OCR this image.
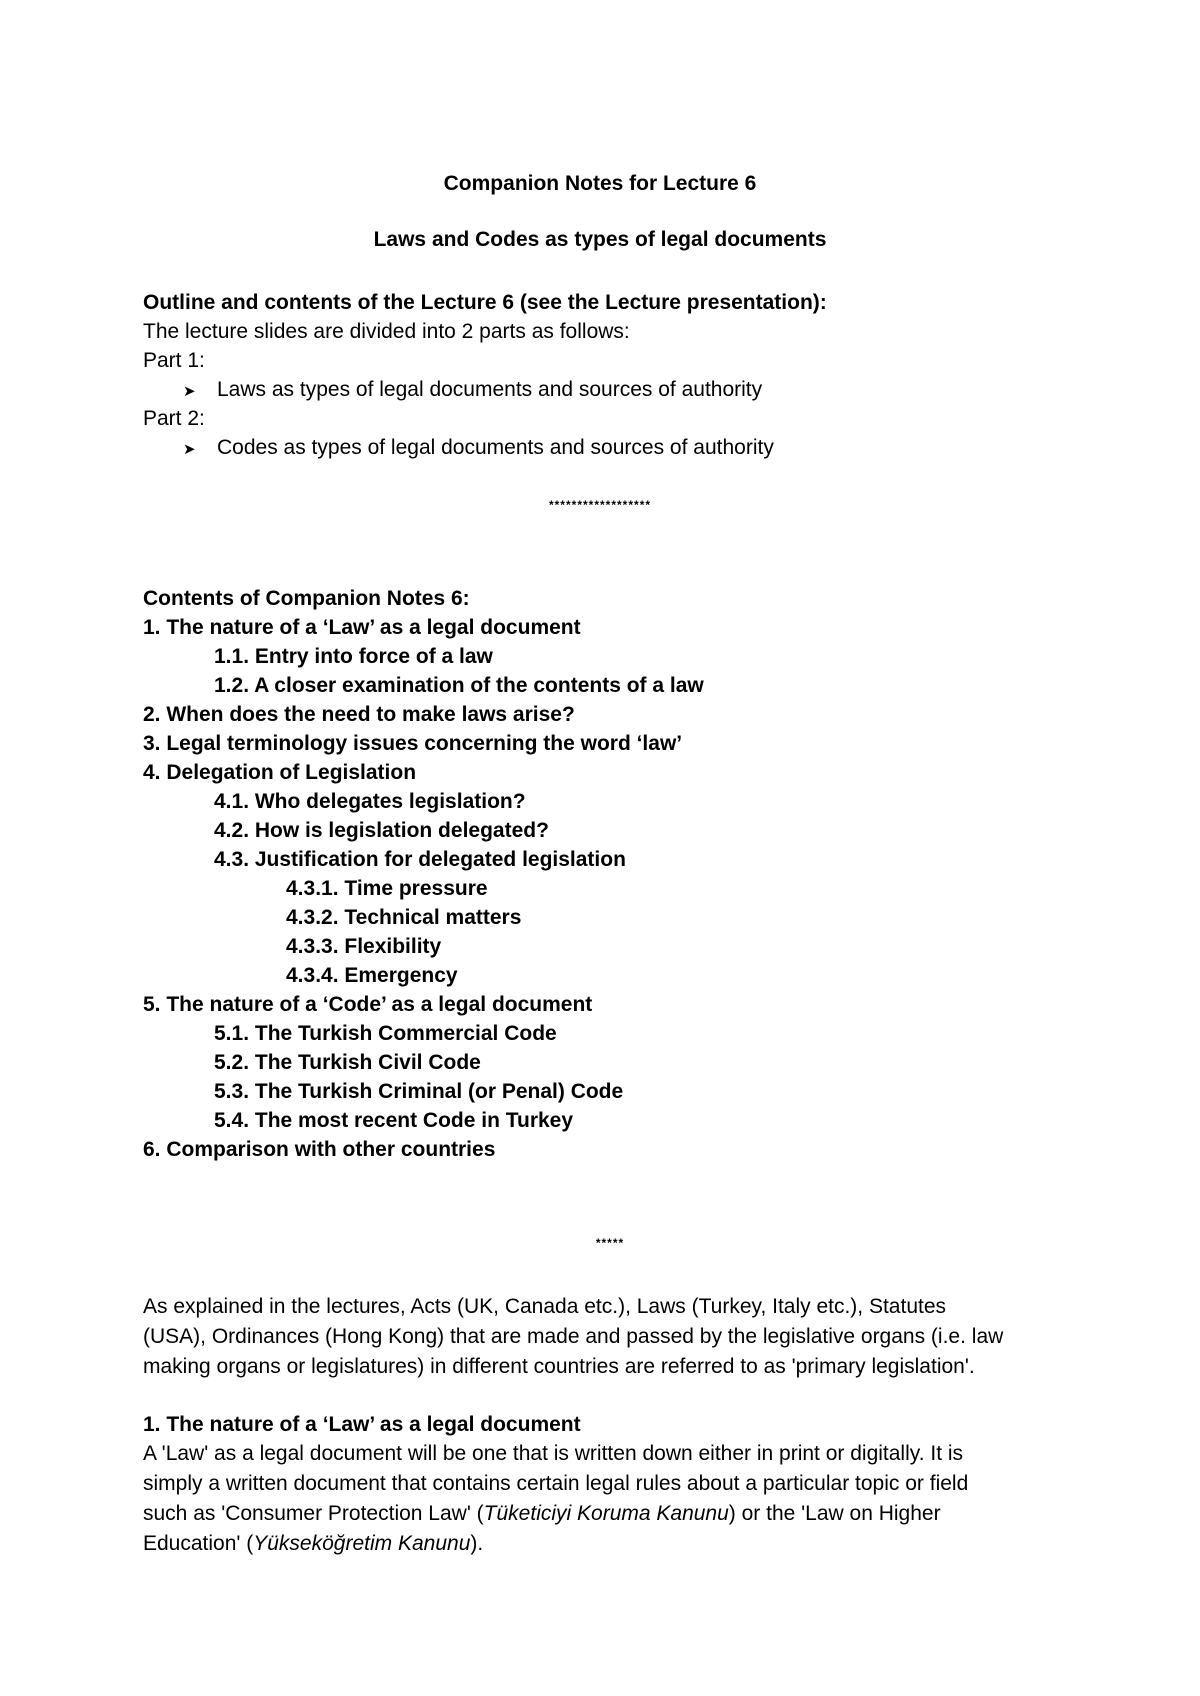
Companion Notes for Lecture 6
Laws and Codes as types of legal documents
Outline and contents of the Lecture 6 (see the Lecture presentation):
The lecture slides are divided into 2 parts as follows:
Part 1:
➤ Laws as types of legal documents and sources of authority
Part 2:
➤ Codes as types of legal documents and sources of authority
******************
Contents of Companion Notes 6:
1. The nature of a ‘Law’ as a legal document
1.1. Entry into force of a law
1.2. A closer examination of the contents of a law
2. When does the need to make laws arise?
3. Legal terminology issues concerning the word ‘law’
4. Delegation of Legislation
4.1. Who delegates legislation?
4.2. How is legislation delegated?
4.3. Justification for delegated legislation
4.3.1. Time pressure
4.3.2. Technical matters
4.3.3. Flexibility
4.3.4. Emergency
5. The nature of a ‘Code’ as a legal document
5.1. The Turkish Commercial Code
5.2. The Turkish Civil Code
5.3. The Turkish Criminal (or Penal) Code
5.4. The most recent Code in Turkey
6. Comparison with other countries
*****
As explained in the lectures, Acts (UK, Canada etc.), Laws (Turkey, Italy etc.), Statutes
(USA), Ordinances (Hong Kong) that are made and passed by the legislative organs (i.e. law
making organs or legislatures) in different countries are referred to as 'primary legislation'.
1. The nature of a ‘Law’ as a legal document
A 'Law' as a legal document will be one that is written down either in print or digitally. It is
simply a written document that contains certain legal rules about a particular topic or field
such as 'Consumer Protection Law' (Tüketiciyi Koruma Kanunu) or the 'Law on Higher
Education' (Yükseköğretim Kanunu).
